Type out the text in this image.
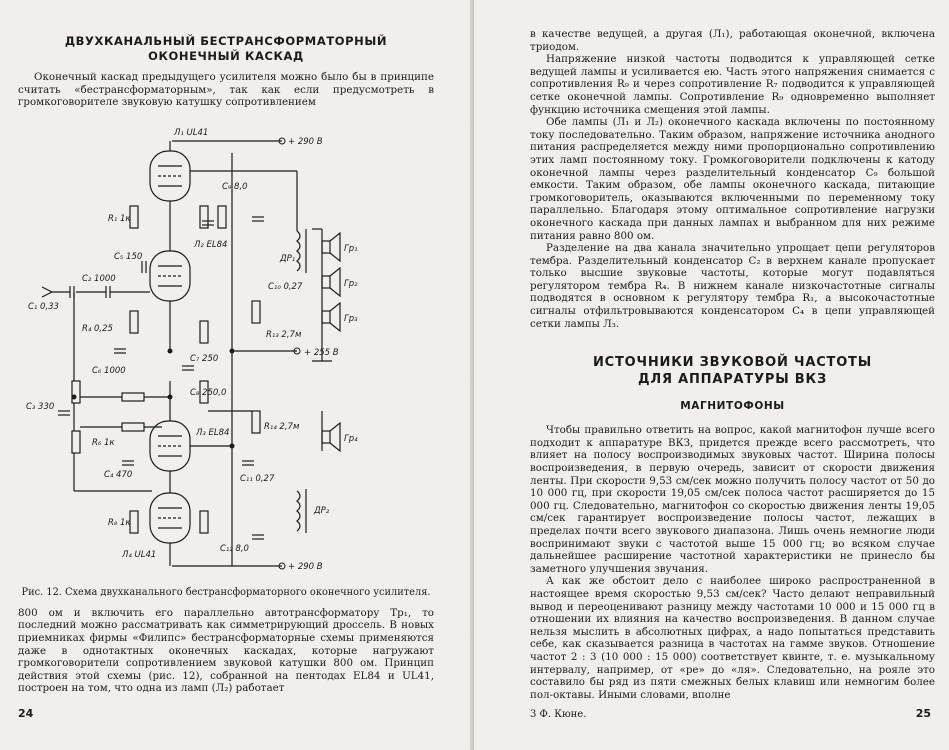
ДВУХКАНАЛЬНЫЙ БЕСТРАНСФОРМАТОРНЫЙ

ОКОНЕЧНЫЙ КАСКАД

Оконечный каскад предыдущего усилителя можно было бы в принципе считать «бестрансформаторным», так как если предусмотреть в громкоговорителе звуковую катушку сопротивлением

Л₁ UL41
+ 290 В
С₉ 8,0
R₁ 1к
Л₂ EL84
С₅ 150
С₂ 1000
С₁ 0,33
С₁₀ 0,27
R₁₃ 2,7м
R₄ 0,25
С₆ 1000
С₇ 250
+ 255 В
С₃ 330
С₈ 250,0
R₁₄ 2,7м
R₆ 1к
С₄ 470
Л₃ EL84
С₁₁ 0,27
R₈ 1к
С₁₂ 8,0
Л₄ UL41
+ 290 В
Гр₁
Гр₂
Гр₃
Гр₄
ДР₁
ДР₂

Рис. 12. Схема двухканального бестрансформаторного оконечного усилителя.

800 ом и включить его параллельно автотрансформатору Тр₁, то последний можно рассматривать как симметрирующий дроссель. В новых приемниках фирмы «Филипс» бестрансформаторные схемы применяются даже в однотактных оконечных каскадах, которые нагружают громкоговорители сопротивлением звуковой катушки 800 ом. Принцип действия этой схемы (рис. 12), собранной на пентодах EL84 и UL41, построен на том, что одна из ламп (Л₂) работает

24

в качестве ведущей, а другая (Л₁), работающая оконечной, включена триодом.

Напряжение низкой частоты подводится к управляющей сетке ведущей лампы и усиливается ею. Часть этого напряжения снимается с сопротивления R₉ и через сопротивление R₇ подводится к управляющей сетке оконечной лампы. Сопротивление R₉ одновременно выполняет функцию источника смещения этой лампы.

Обе лампы (Л₁ и Л₂) оконечного каскада включены по постоянному току последовательно. Таким образом, напряжение источника анодного питания распределяется между ними пропорционально сопротивлению этих ламп постоянному току. Громкоговорители подключены к катоду оконечной лампы через разделительный конденсатор С₉ большой емкости. Таким образом, обе лампы оконечного каскада, питающие громкоговоритель, оказываются включенными по переменному току параллельно. Благодаря этому оптимальное сопротивление нагрузки оконечного каскада при данных лампах и выбранном для них режиме питания равно 800 ом.

Разделение на два канала значительно упрощает цепи регуляторов тембра. Разделительный конденсатор С₂ в верхнем канале пропускает только высшие звуковые частоты, которые могут подавляться регулятором тембра R₄. В нижнем канале низкочастотные сигналы подводятся в основном к регулятору тембра R₁, а высокочастотные сигналы отфильтровываются конденсатором С₄ в цепи управляющей сетки лампы Л₃.

ИСТОЧНИКИ ЗВУКОВОЙ ЧАСТОТЫ
ДЛЯ АППАРАТУРЫ ВКЗ
МАГНИТОФОНЫ

Чтобы правильно ответить на вопрос, какой магнитофон лучше всего подходит к аппаратуре ВКЗ, придется прежде всего рассмотреть, что влияет на полосу воспроизводимых звуковых частот. Ширина полосы воспроизведения, в первую очередь, зависит от скорости движения ленты. При скорости 9,53 см/сек можно получить полосу частот от 50 до 10 000 гц, при скорости 19,05 см/сек полоса частот расширяется до 15 000 гц. Следовательно, магнитофон со скоростью движения ленты 19,05 см/сек гарантирует воспроизведение полосы частот, лежащих в пределах почти всего звукового диапазона. Лишь очень немногие люди воспринимают звуки с частотой выше 15 000 гц; во всяком случае дальнейшее расширение частотной характеристики не принесло бы заметного улучшения звучания.

А как же обстоит дело с наиболее широко распространенной в настоящее время скоростью 9,53 см/сек? Часто делают неправильный вывод и переоценивают разницу между частотами 10 000 и 15 000 гц в отношении их влияния на качество воспроизведения. В данном случае нельзя мыслить в абсолютных цифрах, а надо попытаться представить себе, как сказывается разница в частотах на гамме звуков. Отношение частот 2 : 3 (10 000 : 15 000) соответствует квинте, т. е. музыкальному интервалу, например, от «ре» до «ля». Следовательно, на рояле это составило бы ряд из пяти смежных белых клавиш или немногим более пол-октавы. Иными словами, вполне

3 Ф. Кюне.	25
